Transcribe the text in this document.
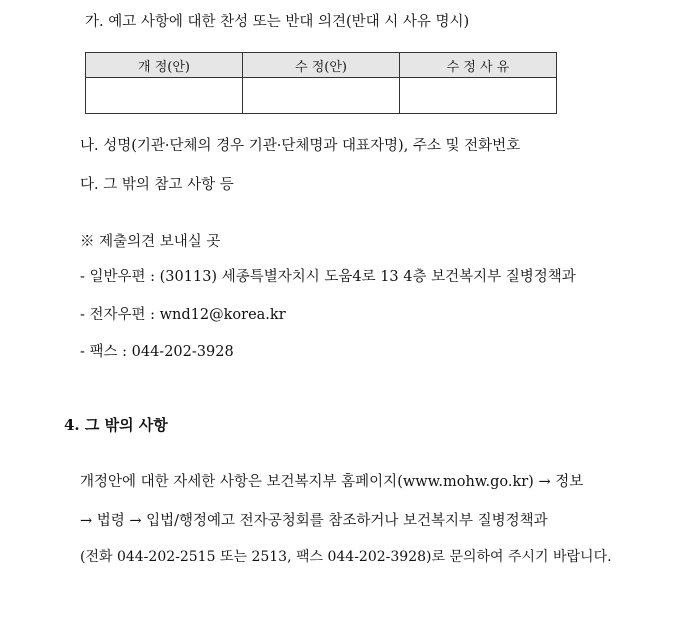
가. 예고 사항에 대한 찬성 또는 반대 의견(반대 시 사유 명시)
개 정(안)	수 정(안)	수 정 사 유

나. 성명(기관·단체의 경우 기관·단체명과 대표자명), 주소 및 전화번호
다. 그 밖의 참고 사항 등
※ 제출의견 보내실 곳
- 일반우편 : (30113) 세종특별자치시 도움4로 13 4층 보건복지부 질병정책과
- 전자우편 : wnd12@korea.kr
- 팩스 : 044-202-3928
4. 그 밖의 사항
개정안에 대한 자세한 사항은 보건복지부 홈페이지(www.mohw.go.kr) → 정보
→ 법령 → 입법/행정예고 전자공청회를 참조하거나 보건복지부 질병정책과
(전화 044-202-2515 또는 2513, 팩스 044-202-3928)로 문의하여 주시기 바랍니다.
